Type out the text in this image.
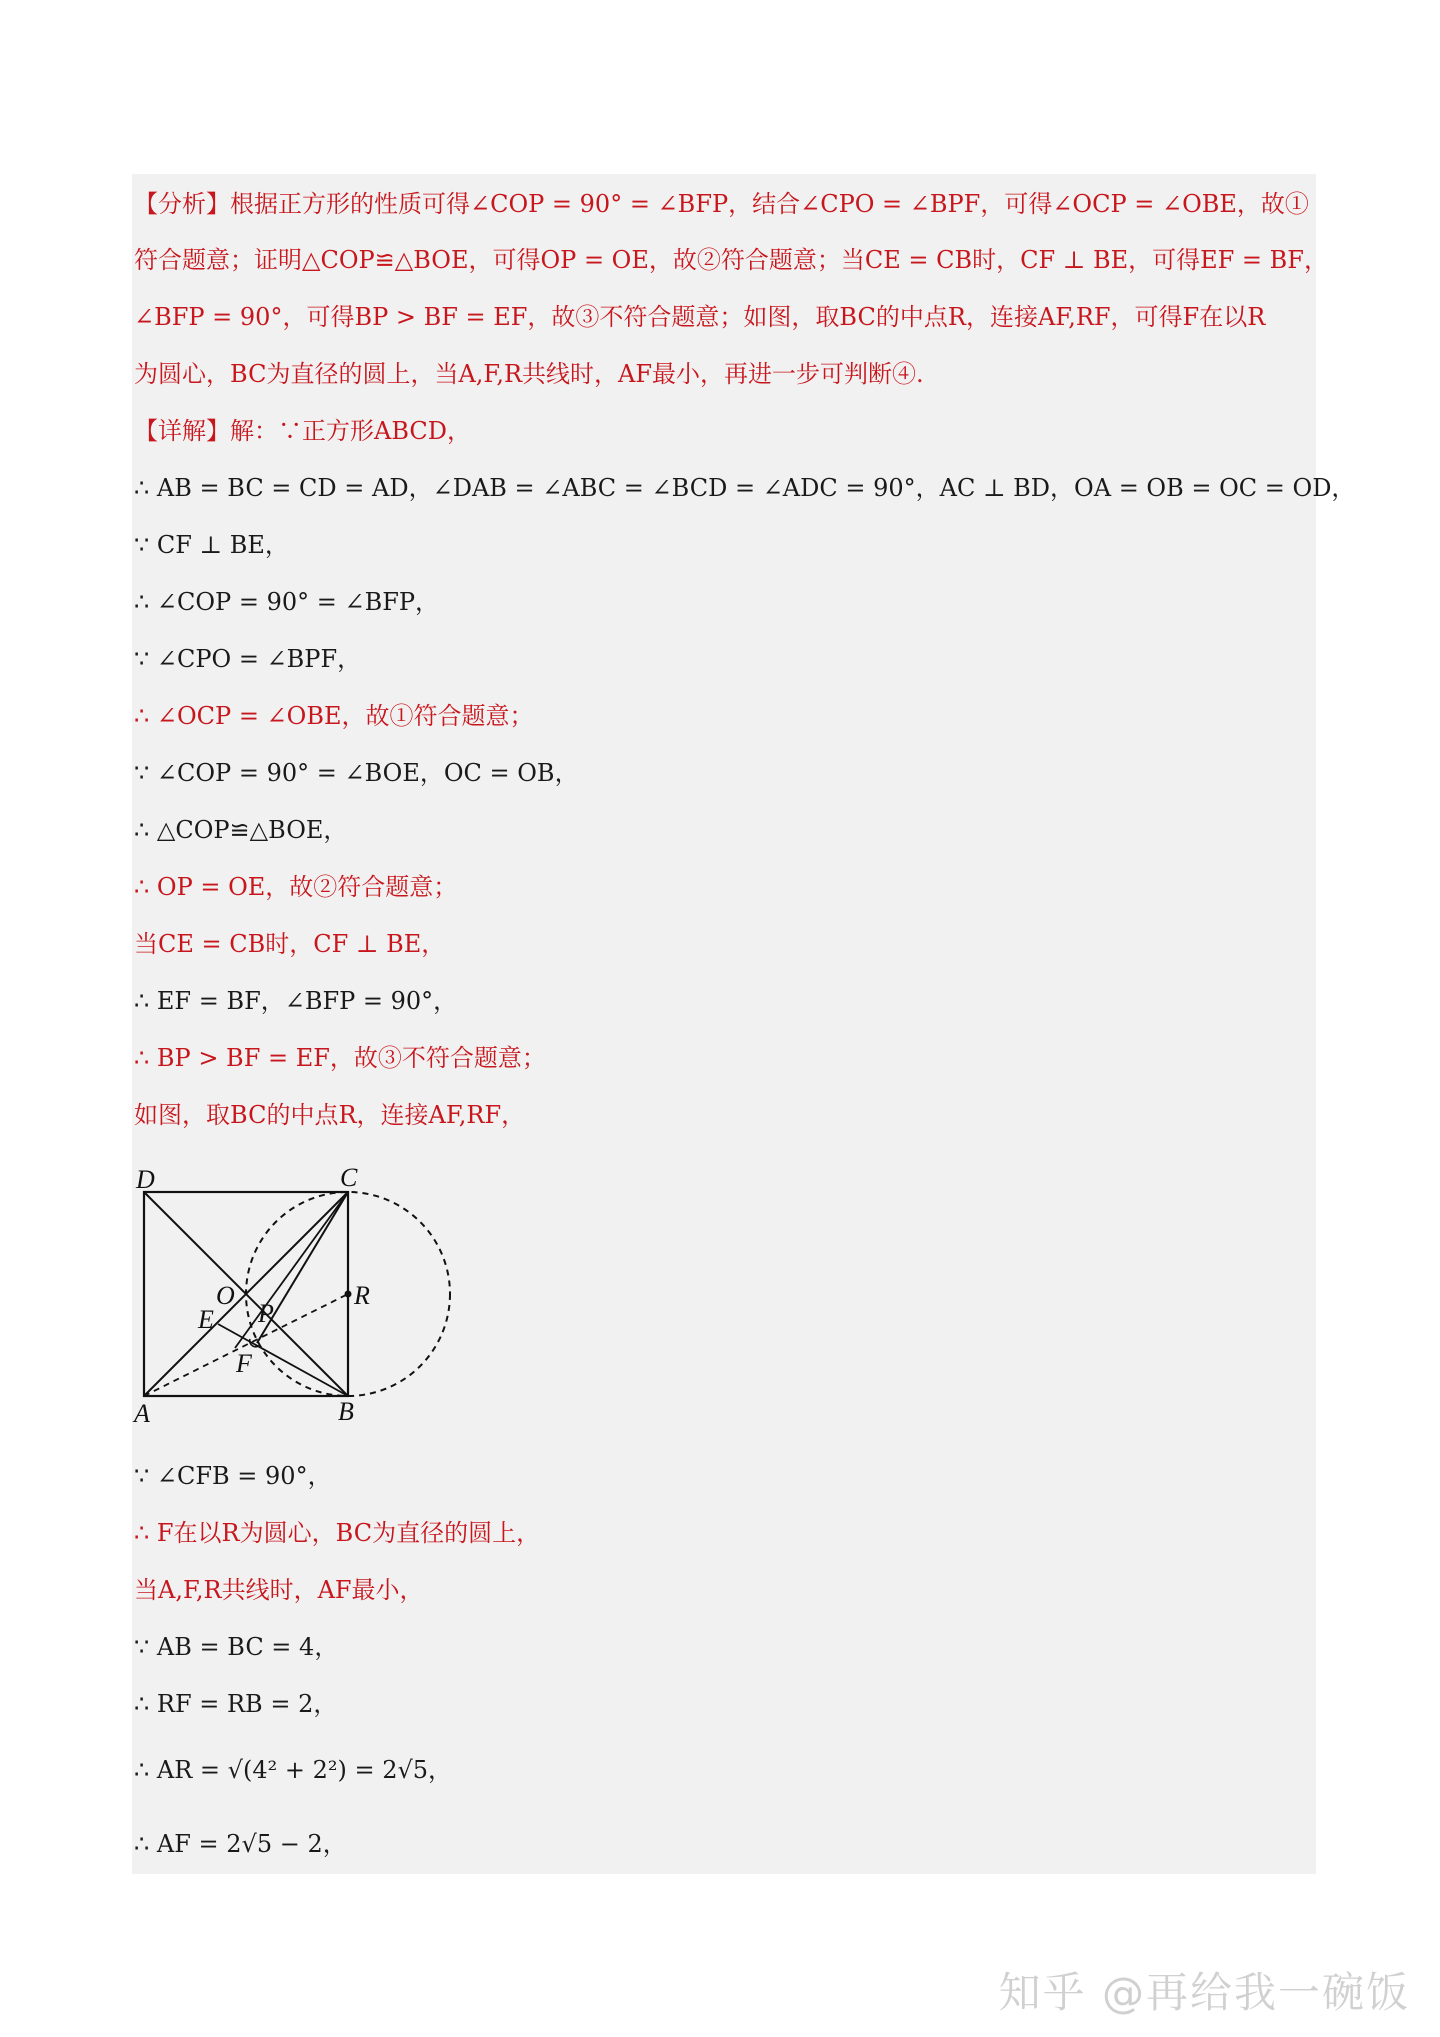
【分析】根据正方形的性质可得∠COP = 90° = ∠BFP，结合∠CPO = ∠BPF，可得∠OCP = ∠OBE，故①
符合题意；证明△COP≌△BOE，可得OP = OE，故②符合题意；当CE = CB时，CF ⊥ BE，可得EF = BF，
∠BFP = 90°，可得BP > BF = EF，故③不符合题意；如图，取BC的中点R，连接AF,RF，可得F在以R
为圆心，BC为直径的圆上，当A,F,R共线时，AF最小，再进一步可判断④.
【详解】解：∵正方形ABCD，
∴ AB = BC = CD = AD，∠DAB = ∠ABC = ∠BCD = ∠ADC = 90°，AC ⊥ BD，OA = OB = OC = OD，
∵ CF ⊥ BE，
∴ ∠COP = 90° = ∠BFP，
∵ ∠CPO = ∠BPF，
∴ ∠OCP = ∠OBE，故①符合题意；
∵ ∠COP = 90° = ∠BOE，OC = OB，
∴ △COP≌△BOE，
∴ OP = OE，故②符合题意；
当CE = CB时，CF ⊥ BE，
∴ EF = BF，∠BFP = 90°，
∴ BP > BF = EF，故③不符合题意；
如图，取BC的中点R，连接AF,RF，
D	C
A	B
O
E P
F
R
∵ ∠CFB = 90°，
∴ F在以R为圆心，BC为直径的圆上，
当A,F,R共线时，AF最小，
∵ AB = BC = 4，
∴ RF = RB = 2，
∴ AR = √(4² + 2²) = 2√5，
∴ AF = 2√5 − 2，
知乎 @再给我一碗饭
